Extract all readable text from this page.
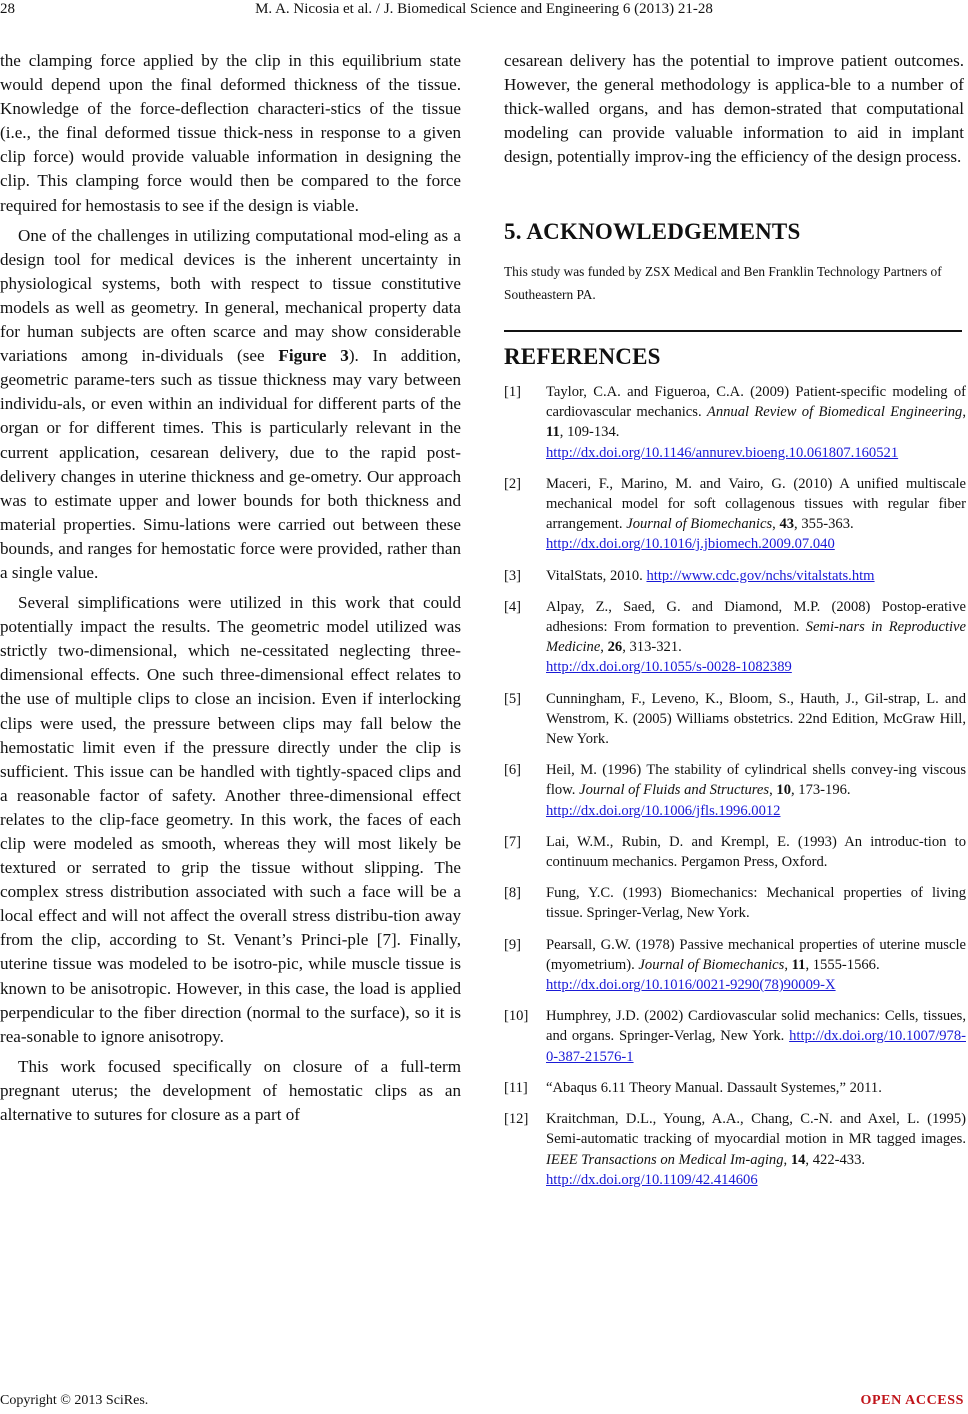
28	M. A. Nicosia et al. / J. Biomedical Science and Engineering 6 (2013) 21-28

the clamping force applied by the clip in this equilibrium state would depend upon the final deformed thickness of the tissue. Knowledge of the force-deflection characteri-stics of the tissue (i.e., the final deformed tissue thick-ness in response to a given clip force) would provide valuable information in designing the clip. This clamping force would then be compared to the force required for hemostasis to see if the design is viable.

One of the challenges in utilizing computational mod-eling as a design tool for medical devices is the inherent uncertainty in physiological systems, both with respect to tissue constitutive models as well as geometry. In general, mechanical property data for human subjects are often scarce and may show considerable variations among in-dividuals (see Figure 3). In addition, geometric parame-ters such as tissue thickness may vary between individu-als, or even within an individual for different parts of the organ or for different times. This is particularly relevant in the current application, cesarean delivery, due to the rapid post-delivery changes in uterine thickness and ge-ometry. Our approach was to estimate upper and lower bounds for both thickness and material properties. Simu-lations were carried out between these bounds, and ranges for hemostatic force were provided, rather than a single value.

Several simplifications were utilized in this work that could potentially impact the results. The geometric model utilized was strictly two-dimensional, which ne-cessitated neglecting three-dimensional effects. One such three-dimensional effect relates to the use of multiple clips to close an incision. Even if interlocking clips were used, the pressure between clips may fall below the hemostatic limit even if the pressure directly under the clip is sufficient. This issue can be handled with tightly-spaced clips and a reasonable factor of safety. Another three-dimensional effect relates to the clip-face geometry. In this work, the faces of each clip were modeled as smooth, whereas they will most likely be textured or serrated to grip the tissue without slipping. The complex stress distribution associated with such a face will be a local effect and will not affect the overall stress distribu-tion away from the clip, according to St. Venant’s Princi-ple [7]. Finally, uterine tissue was modeled to be isotro-pic, while muscle tissue is known to be anisotropic. However, in this case, the load is applied perpendicular to the fiber direction (normal to the surface), so it is rea-sonable to ignore anisotropy.

This work focused specifically on closure of a full-term pregnant uterus; the development of hemostatic clips as an alternative to sutures for closure as a part of

cesarean delivery has the potential to improve patient outcomes. However, the general methodology is applica-ble to a number of thick-walled organs, and has demon-strated that computational modeling can provide valuable information to aid in implant design, potentially improv-ing the efficiency of the design process.

5. ACKNOWLEDGEMENTS
This study was funded by ZSX Medical and Ben Franklin Technology Partners of Southeastern PA.
REFERENCES
[1] Taylor, C.A. and Figueroa, C.A. (2009) Patient-specific modeling of cardiovascular mechanics. Annual Review of Biomedical Engineering, 11, 109-134.
http://dx.doi.org/10.1146/annurev.bioeng.10.061807.160521
[2] Maceri, F., Marino, M. and Vairo, G. (2010) A unified multiscale mechanical model for soft collagenous tissues with regular fiber arrangement. Journal of Biomechanics, 43, 355-363.
http://dx.doi.org/10.1016/j.jbiomech.2009.07.040
[3] VitalStats, 2010. http://www.cdc.gov/nchs/vitalstats.htm
[4] Alpay, Z., Saed, G. and Diamond, M.P. (2008) Postop-erative adhesions: From formation to prevention. Semi-nars in Reproductive Medicine, 26, 313-321.
http://dx.doi.org/10.1055/s-0028-1082389
[5] Cunningham, F., Leveno, K., Bloom, S., Hauth, J., Gil-strap, L. and Wenstrom, K. (2005) Williams obstetrics. 22nd Edition, McGraw Hill, New York.
[6] Heil, M. (1996) The stability of cylindrical shells convey-ing viscous flow. Journal of Fluids and Structures, 10, 173-196.
http://dx.doi.org/10.1006/jfls.1996.0012
[7] Lai, W.M., Rubin, D. and Krempl, E. (1993) An introduc-tion to continuum mechanics. Pergamon Press, Oxford.
[8] Fung, Y.C. (1993) Biomechanics: Mechanical properties of living tissue. Springer-Verlag, New York.
[9] Pearsall, G.W. (1978) Passive mechanical properties of uterine muscle (myometrium). Journal of Biomechanics, 11, 1555-1566.
http://dx.doi.org/10.1016/0021-9290(78)90009-X
[10] Humphrey, J.D. (2002) Cardiovascular solid mechanics: Cells, tissues, and organs. Springer-Verlag, New York. http://dx.doi.org/10.1007/978-0-387-21576-1
[11] “Abaqus 6.11 Theory Manual. Dassault Systemes,” 2011.
[12] Kraitchman, D.L., Young, A.A., Chang, C.-N. and Axel, L. (1995) Semi-automatic tracking of myocardial motion in MR tagged images. IEEE Transactions on Medical Im-aging, 14, 422-433.
http://dx.doi.org/10.1109/42.414606
Copyright © 2013 SciRes.	OPEN ACCESS
